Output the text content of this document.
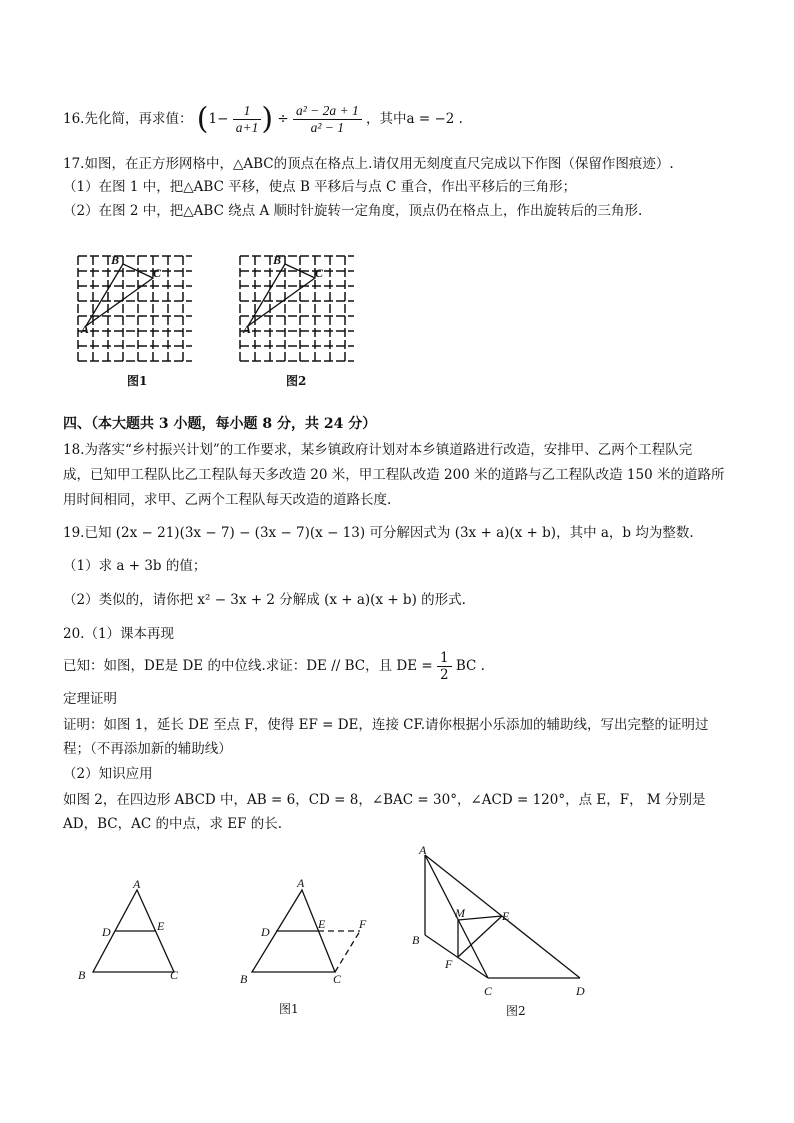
16.先化简，再求值： ($1- \frac{1}{a+1}$ ) ÷ $\frac{\text{a² − 2a + 1}}{\text{a² − 1}}$ ，其中a = −2 .
17.如图，在正方形网格中，△ABC的顶点在格点上.请仅用无刻度直尺完成以下作图（保留作图痕迹）.
（1）在图 1 中，把△ABC 平移，使点 B 平移后与点 C 重合，作出平移后的三角形；
（2）在图 2 中，把△ABC 绕点 A 顺时针旋转一定角度，顶点仍在格点上，作出旋转后的三角形.
B
C
A
图1
B
C
A
图2
四、（本大题共 3 小题，每小题 8 分，共 24 分）
18.为落实“乡村振兴计划”的工作要求，某乡镇政府计划对本乡镇道路进行改造，安排甲、乙两个工程队完
成，已知甲工程队比乙工程队每天多改造 20 米，甲工程队改造 200 米的道路与乙工程队改造 150 米的道路所
用时间相同，求甲、乙两个工程队每天改造的道路长度.
19.已知 (2x − 21)(3x − 7) − (3x − 7)(x − 13) 可分解因式为 (3x + a)(x + b)，其中 a，b 均为整数.
（1）求 a + 3b 的值；
（2）类似的，请你把 x² − 3x + 2 分解成 (x + a)(x + b) 的形式.
20.（1）课本再现
已知：如图，DE是 DE 的中位线.求证：DE // BC，且 DE = $\frac{1}{2}$ BC .
定理证明
证明：如图 1，延长 DE 至点 F，使得 EF = DE，连接 CF.请你根据小乐添加的辅助线，写出完整的证明过
程；（不再添加新的辅助线）
（2）知识应用
如图 2，在四边形 ABCD 中，AB = 6，CD = 8，∠BAC = 30°，∠ACD = 120°，点 E，F， M 分别是
AD，BC，AC 的中点，求 EF 的长.
A
D	E
B	C
A
D
E	F
B	C
图1
A
B
M	E
F
C	D
图2
